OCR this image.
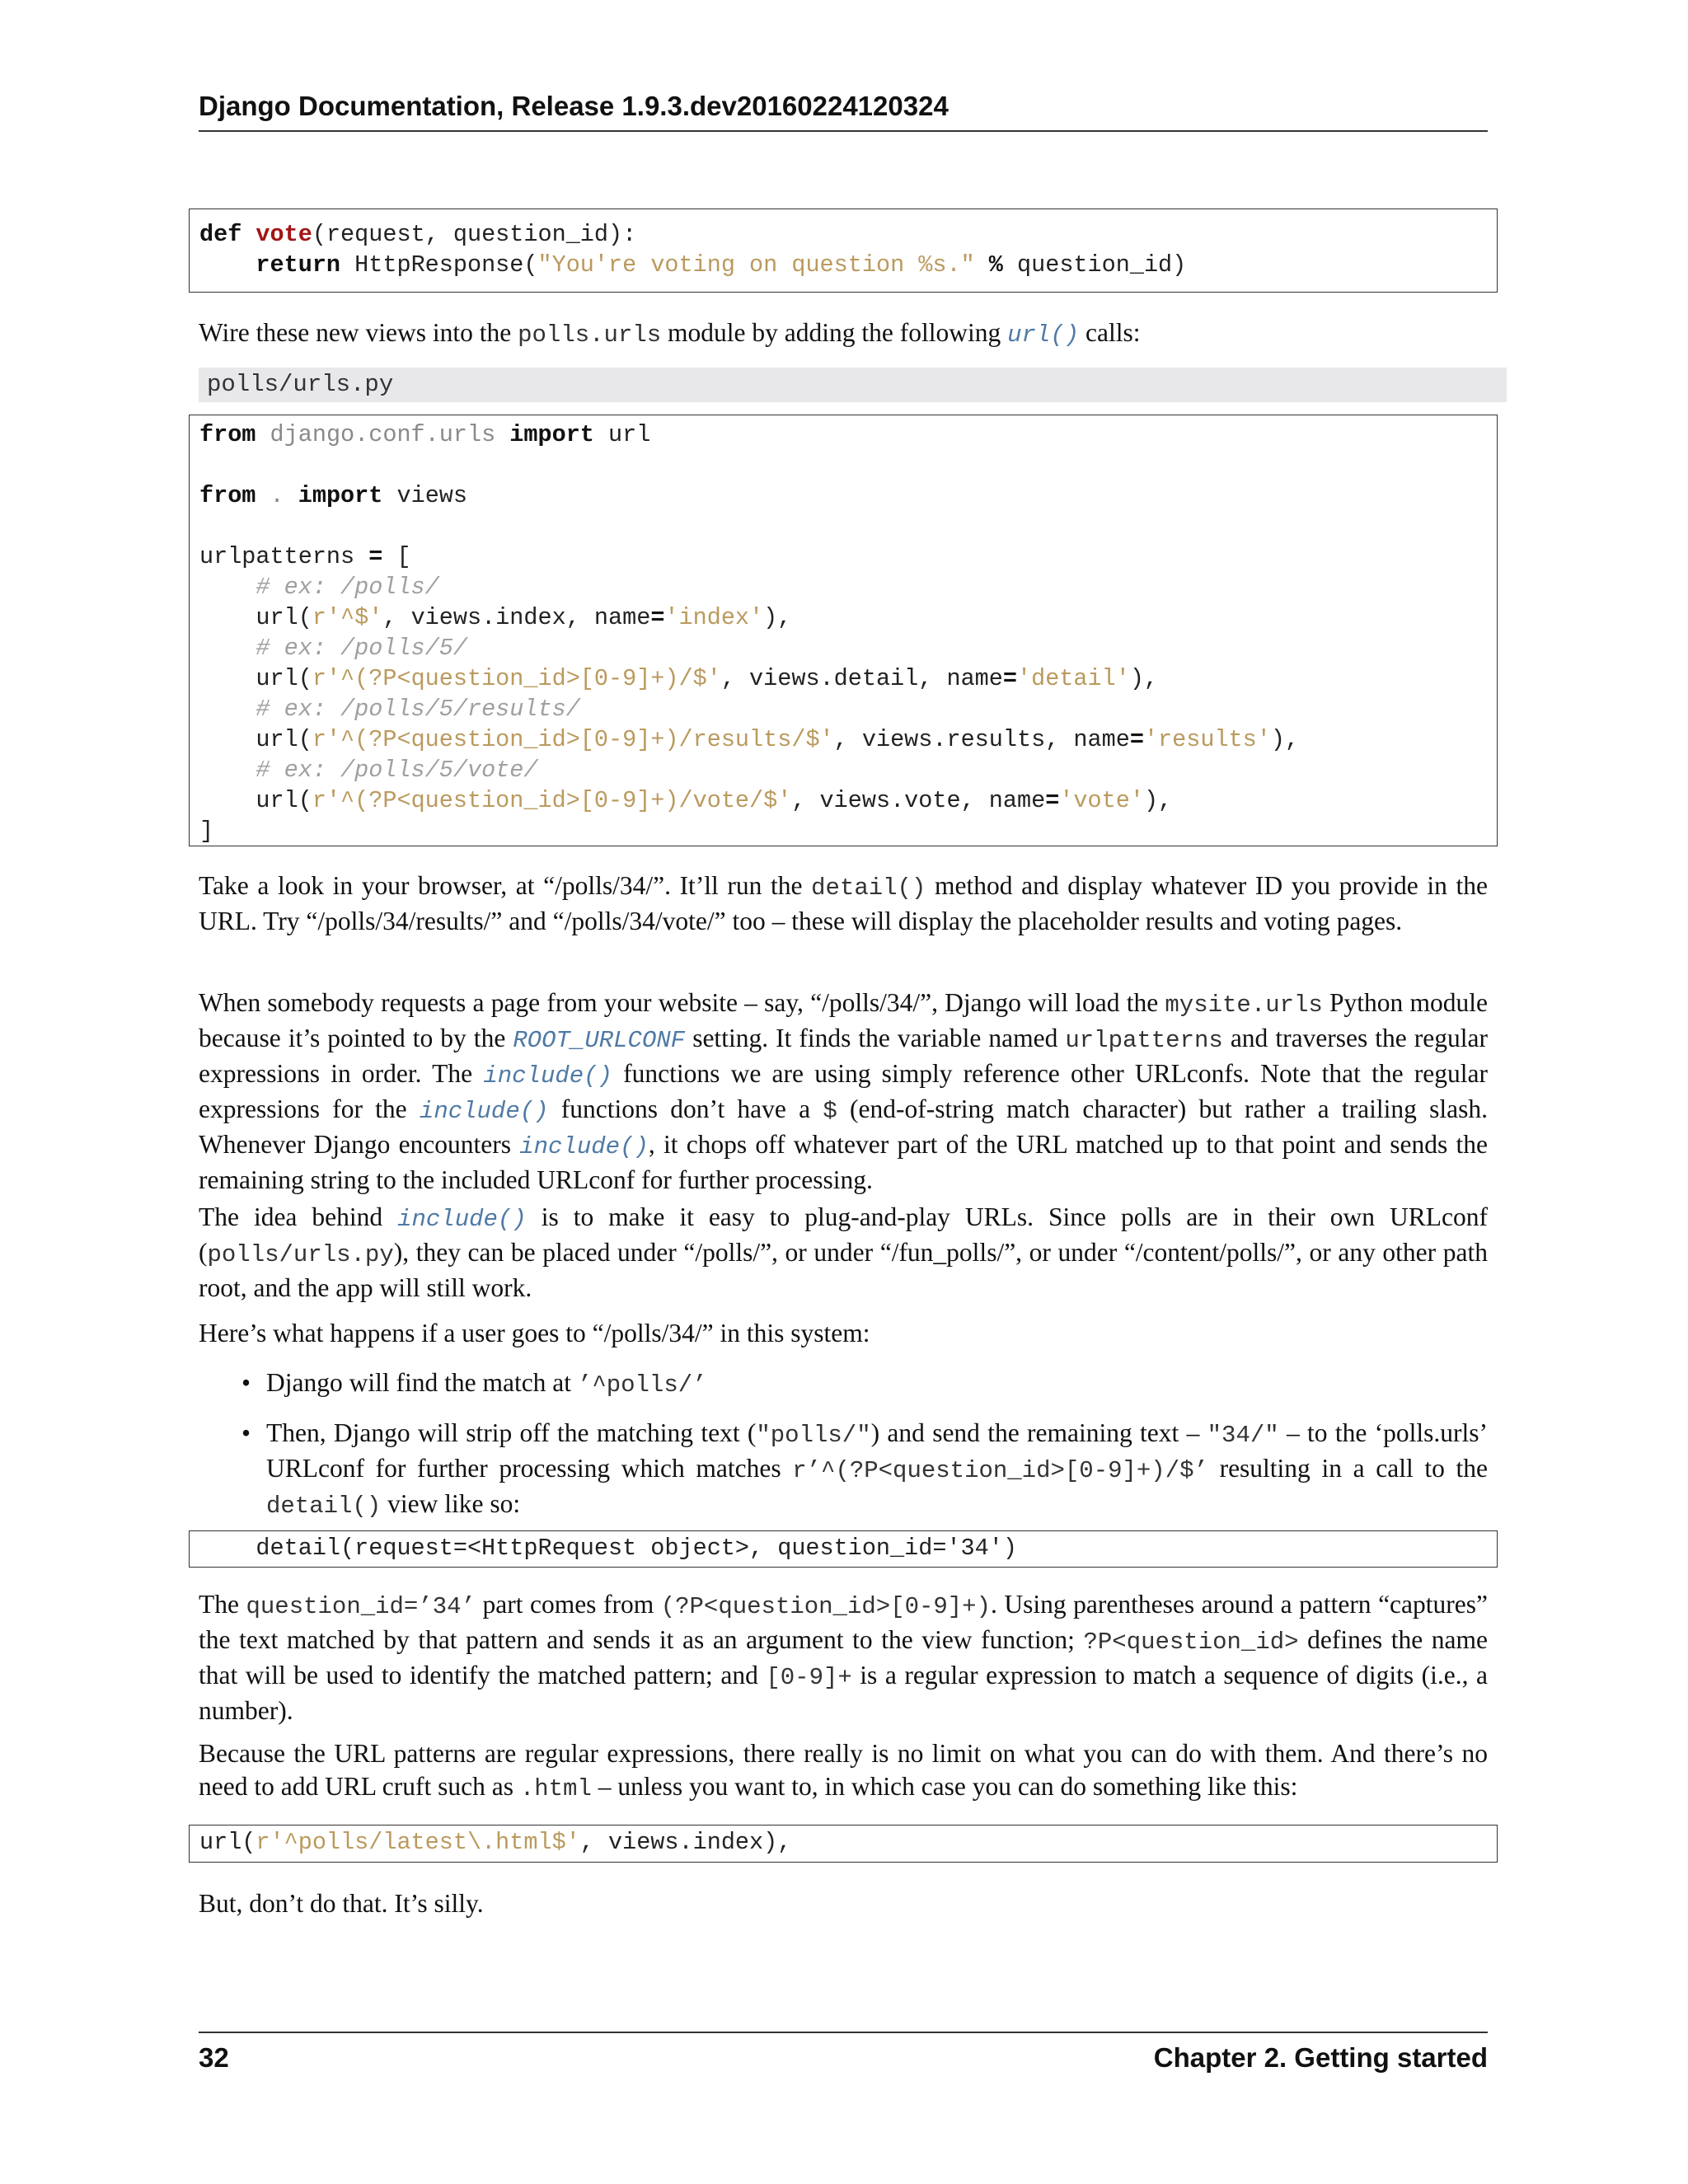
Django Documentation, Release 1.9.3.dev20160224120324
def vote(request, question_id):
return HttpResponse("You're voting on question %s." % question_id)
Wire these new views into the polls.urls module by adding the following url() calls:
polls/urls.py
from django.conf.urls import url

from . import views

urlpatterns = [
# ex: /polls/
url(r'^$', views.index, name='index'),
# ex: /polls/5/
url(r'^(?P<question_id>[0-9]+)/$', views.detail, name='detail'),
# ex: /polls/5/results/
url(r'^(?P<question_id>[0-9]+)/results/$', views.results, name='results'),
# ex: /polls/5/vote/
url(r'^(?P<question_id>[0-9]+)/vote/$', views.vote, name='vote'),
]
Take a look in your browser, at “/polls/34/”. It’ll run the detail() method and display whatever ID you provide in the URL. Try “/polls/34/results/” and “/polls/34/vote/” too – these will display the placeholder results and voting pages.
When somebody requests a page from your website – say, “/polls/34/”, Django will load the mysite.urls Python module because it’s pointed to by the ROOT_URLCONF setting. It finds the variable named urlpatterns and traverses the regular expressions in order. The include() functions we are using simply reference other URLconfs. Note that the regular expressions for the include() functions don’t have a $ (end-of-string match character) but rather a trailing slash. Whenever Django encounters include(), it chops off whatever part of the URL matched up to that point and sends the remaining string to the included URLconf for further processing.
The idea behind include() is to make it easy to plug-and-play URLs. Since polls are in their own URLconf (polls/urls.py), they can be placed under “/polls/”, or under “/fun_polls/”, or under “/content/polls/”, or any other path root, and the app will still work.
Here’s what happens if a user goes to “/polls/34/” in this system:
• Django will find the match at ’^polls/’
• Then, Django will strip off the matching text ("polls/") and send the remaining text – "34/" – to the ‘polls.urls’ URLconf for further processing which matches r’^(?P<question_id>[0-9]+)/$’ resulting in a call to the detail() view like so:
detail(request=<HttpRequest object>, question_id='34')
The question_id=’34’ part comes from (?P<question_id>[0-9]+). Using parentheses around a pattern “captures” the text matched by that pattern and sends it as an argument to the view function; ?P<question_id> defines the name that will be used to identify the matched pattern; and [0-9]+ is a regular expression to match a sequence of digits (i.e., a number).
Because the URL patterns are regular expressions, there really is no limit on what you can do with them. And there’s no need to add URL cruft such as .html – unless you want to, in which case you can do something like this:
url(r'^polls/latest\.html$', views.index),
But, don’t do that. It’s silly.
32	Chapter 2. Getting started
